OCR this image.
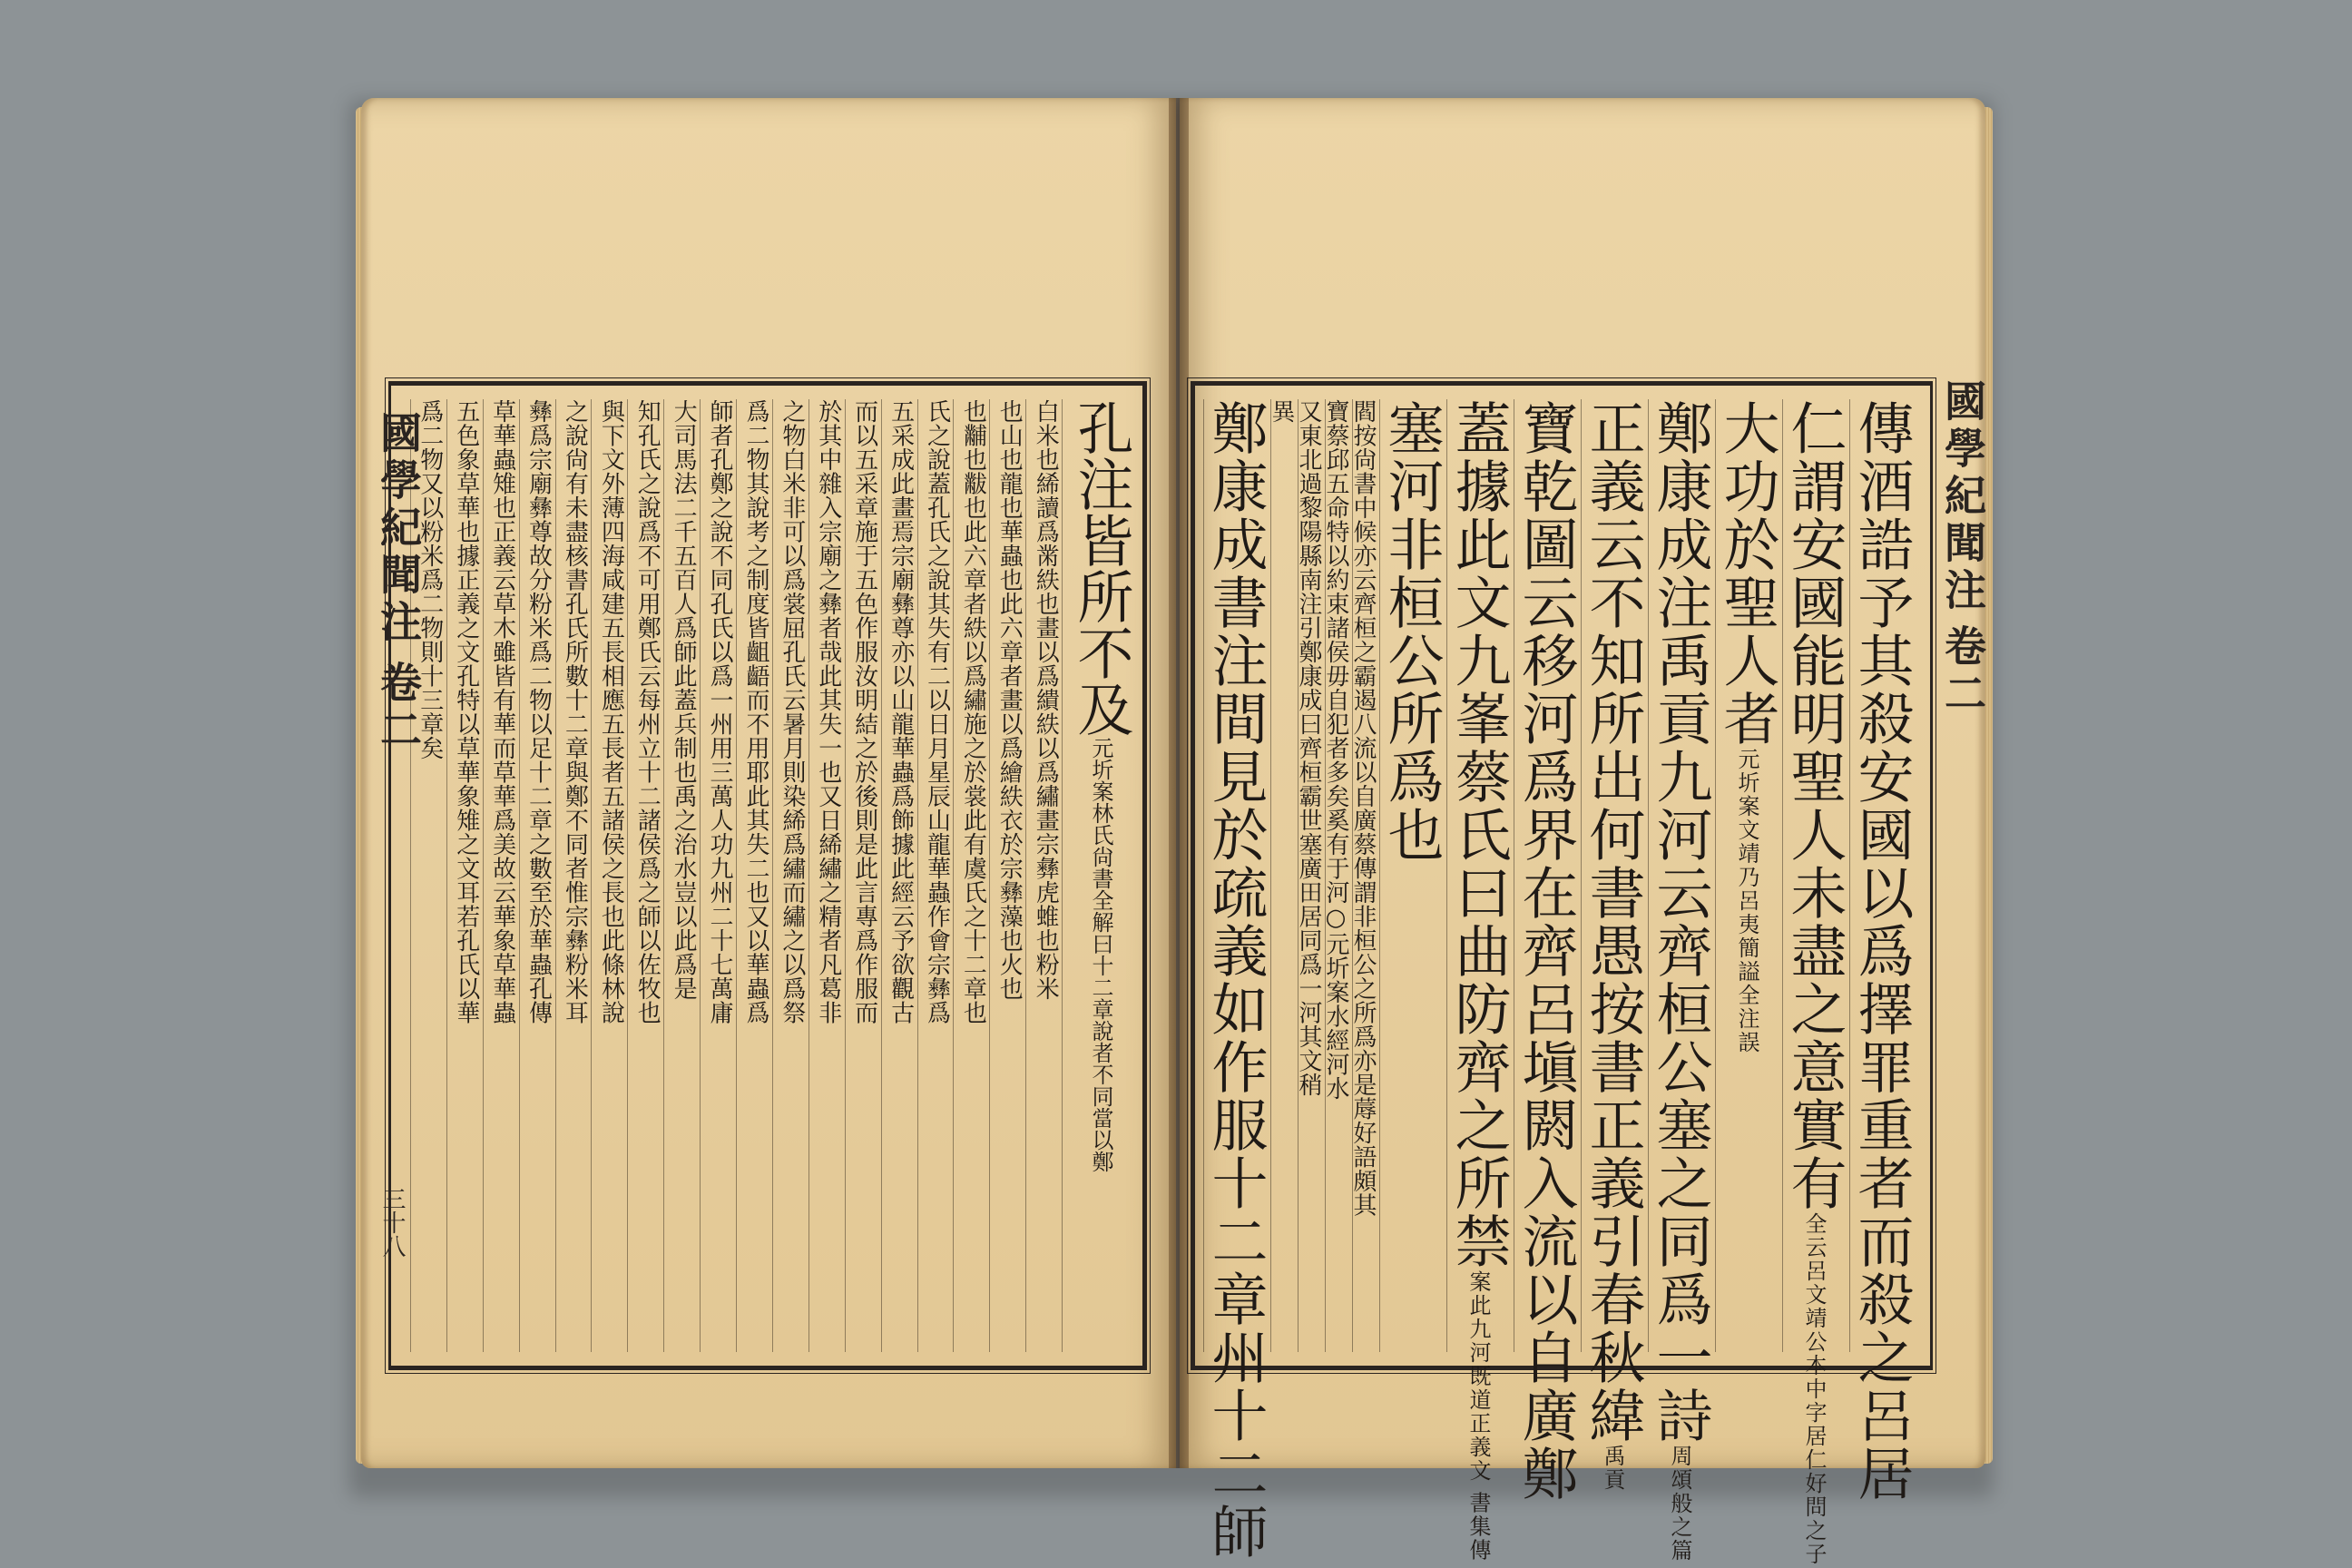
國學紀聞注
卷二
三十八
國學紀聞注
卷二
孔注皆所不及元圻案林氏尙書全解曰十二章說者不同當以鄭
白米也絺讀爲黹紩也畫以爲繢紩以爲繡畫宗彝虎蜼也粉米
也山也龍也華蟲也此六章者畫以爲繪紩衣於宗彝藻也火也
也黼也黻也此六章者紩以爲繡施之於裳此有虞氏之十二章也
氏之說蓋孔氏之說其失有二以日月星辰山龍華蟲作會宗彝爲
五采成此畫焉宗廟彝尊亦以山龍華蟲爲飾據此經云予欲觀古
而以五采章施于五色作服汝明結之於後則是此言專爲作服而
於其中雜入宗廟之彝者哉此其失一也又日絺繡之精者凡葛非
之物白米非可以爲裳屈孔氏云暑月則染絺爲繡而繡之以爲祭
爲二物其說考之制度皆齟齬而不用耶此其失二也又以華蟲爲
師者孔鄭之說不同孔氏以爲一州用三萬人功九州二十七萬庸
大司馬法二千五百人爲師此蓋兵制也禹之治水豈以此爲是
知孔氏之說爲不可用鄭氏云每州立十二諸侯爲之師以佐牧也
與下文外薄四海咸建五長相應五長者五諸侯之長也此條林說
之說尙有未盡核書孔氏所數十二章與鄭不同者惟宗彝粉米耳
彝爲宗廟彝尊故分粉米爲二物以足十二章之數至於華蟲孔傳
草華蟲雉也正義云草木雖皆有華而草華爲美故云華象草華蟲
五色象草華也據正義之文孔特以草華象雉之文耳若孔氏以華
爲二物又以粉米爲二物則十三章矣	傳酒誥予其殺安國以爲擇罪重者而殺之呂居
仁謂安國能明聖人未盡之意實有全云呂文靖公本中字居仁好問之子
大功於聖人者元圻案文靖乃呂夷簡謚全注誤
鄭康成注禹貢九河云齊桓公塞之同爲一詩周頌般之篇
正義云不知所出何書愚按書正義引春秋緯禹貢
寶乾圖云移河爲界在齊呂塡閼入流以自廣鄭
蓋據此文九峯蔡氏曰曲防齊之所禁案此九河既道正義文 書集傳
塞河非桓公所爲也
閻按尙書中候亦云齊桓之霸遏八流以自廣蔡傳謂非桓公之所爲亦是蓐好語頗其
寶蔡邱五命特以約束諸侯毋自犯者多矣奚有于河○元圻案水經河水
又東北過黎陽縣南注引鄭康成曰齊桓霸世塞廣田居同爲一河其文稍
異
鄭康成書注間見於疏義如作服十二章州十二師
